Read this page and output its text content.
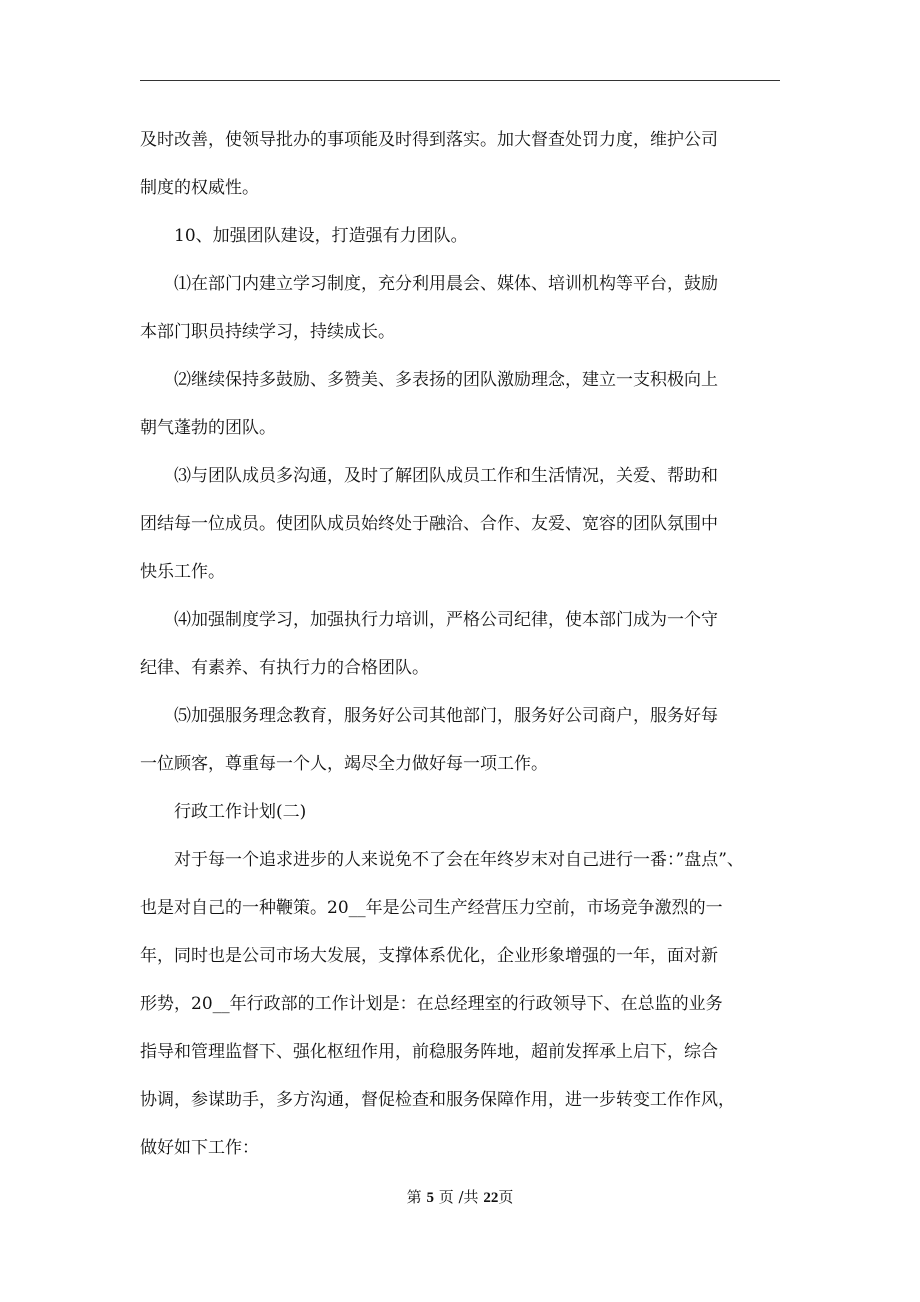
及时改善，使领导批办的事项能及时得到落实。加大督查处罚力度，维护公司

制度的权威性。

10、加强团队建设，打造强有力团队。

⑴在部门内建立学习制度，充分利用晨会、媒体、培训机构等平台，鼓励

本部门职员持续学习，持续成长。

⑵继续保持多鼓励、多赞美、多表扬的团队激励理念，建立一支积极向上

朝气蓬勃的团队。

⑶与团队成员多沟通，及时了解团队成员工作和生活情况，关爱、帮助和

团结每一位成员。使团队成员始终处于融洽、合作、友爱、宽容的团队氛围中

快乐工作。

⑷加强制度学习，加强执行力培训，严格公司纪律，使本部门成为一个守

纪律、有素养、有执行力的合格团队。

⑸加强服务理念教育，服务好公司其他部门，服务好公司商户，服务好每

一位顾客，尊重每一个人，竭尽全力做好每一项工作。

行政工作计划(二)

对于每一个追求进步的人来说免不了会在年终岁末对自己进行一番：”盘点”、

也是对自己的一种鞭策。20__年是公司生产经营压力空前，市场竞争激烈的一

年，同时也是公司市场大发展，支撑体系优化，企业形象增强的一年，面对新

形势，20__年行政部的工作计划是：在总经理室的行政领导下、在总监的业务

指导和管理监督下、强化枢纽作用，前稳服务阵地，超前发挥承上启下，综合

协调，参谋助手，多方沟通，督促检查和服务保障作用，进一步转变工作作风，

做好如下工作：

第 5 页 /共 22页
